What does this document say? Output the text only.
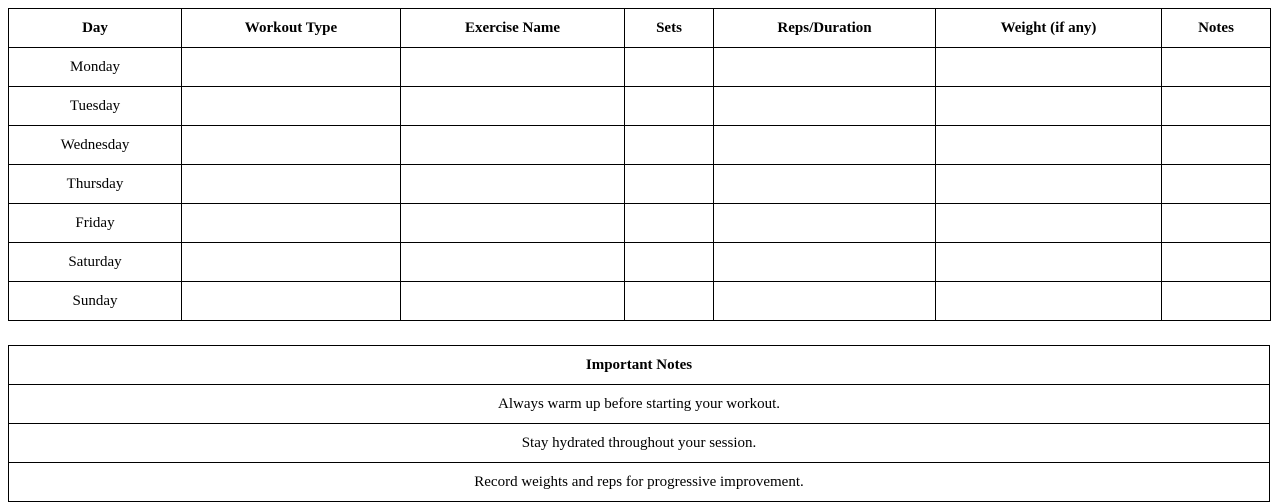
Day	Workout Type	Exercise Name	Sets	Reps/Duration	Weight (if any)	Notes
Monday						
Tuesday						
Wednesday						
Thursday						
Friday						
Saturday						
Sunday						
Important Notes
Always warm up before starting your workout.
Stay hydrated throughout your session.
Record weights and reps for progressive improvement.
